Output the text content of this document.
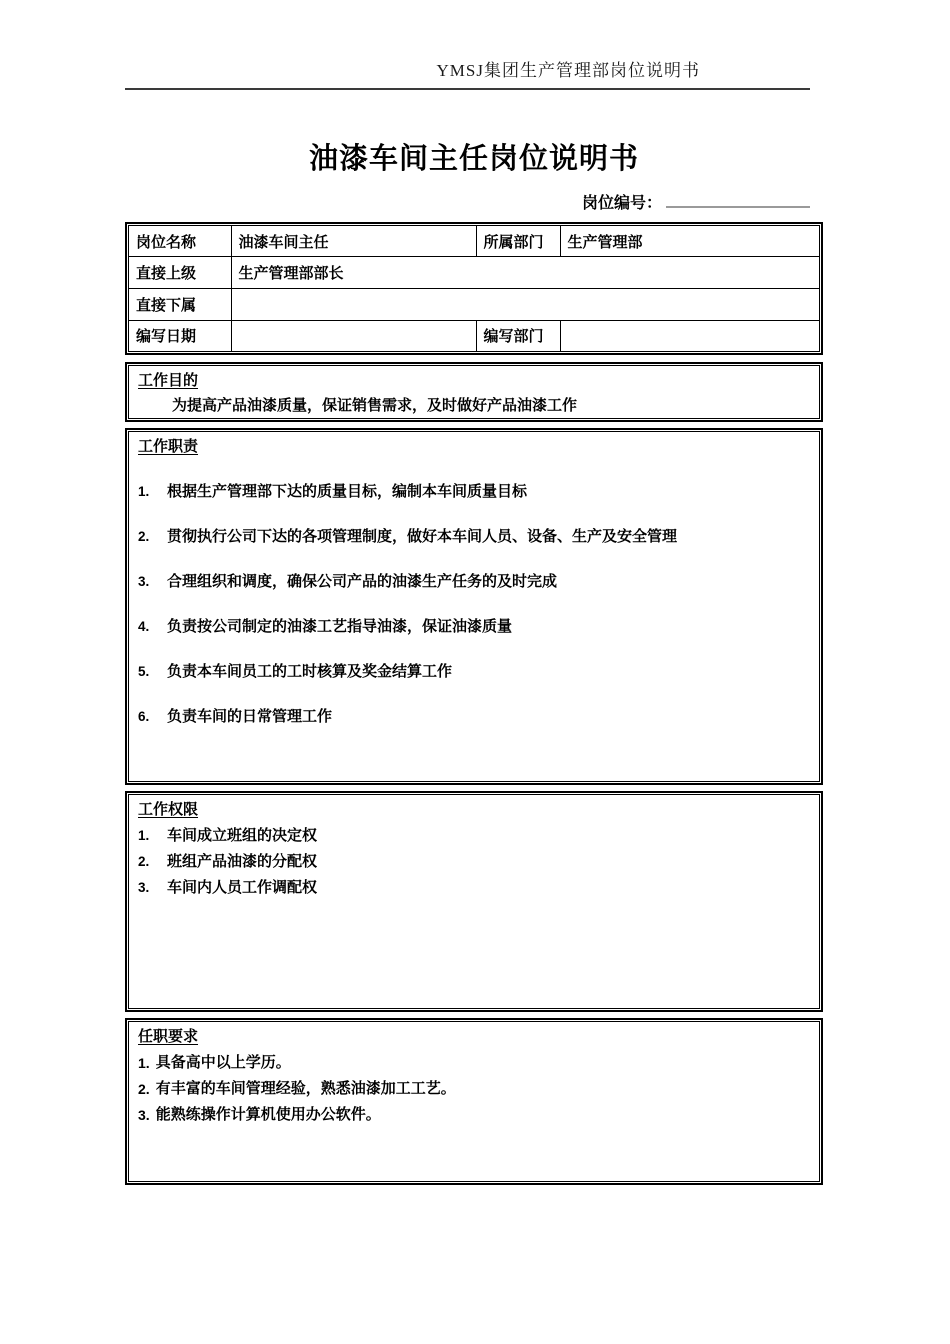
YMSJ集团生产管理部岗位说明书
油漆车间主任岗位说明书
岗位编号：
岗位名称	油漆车间主任	所属部门	生产管理部
直接上级	生产管理部部长		
直接下属			
编写日期		编写部门	
工作目的
为提高产品油漆质量，保证销售需求，及时做好产品油漆工作
工作职责
1.	根据生产管理部下达的质量目标，编制本车间质量目标
2.	贯彻执行公司下达的各项管理制度，做好本车间人员、设备、生产及安全管理
3.	合理组织和调度，确保公司产品的油漆生产任务的及时完成
4.	负责按公司制定的油漆工艺指导油漆，保证油漆质量
5.	负责本车间员工的工时核算及奖金结算工作
6.	负责车间的日常管理工作
工作权限
1.	车间成立班组的决定权
2.	班组产品油漆的分配权
3.	车间内人员工作调配权
任职要求
1. 具备高中以上学历。
2. 有丰富的车间管理经验，熟悉油漆加工工艺。
3. 能熟练操作计算机使用办公软件。
